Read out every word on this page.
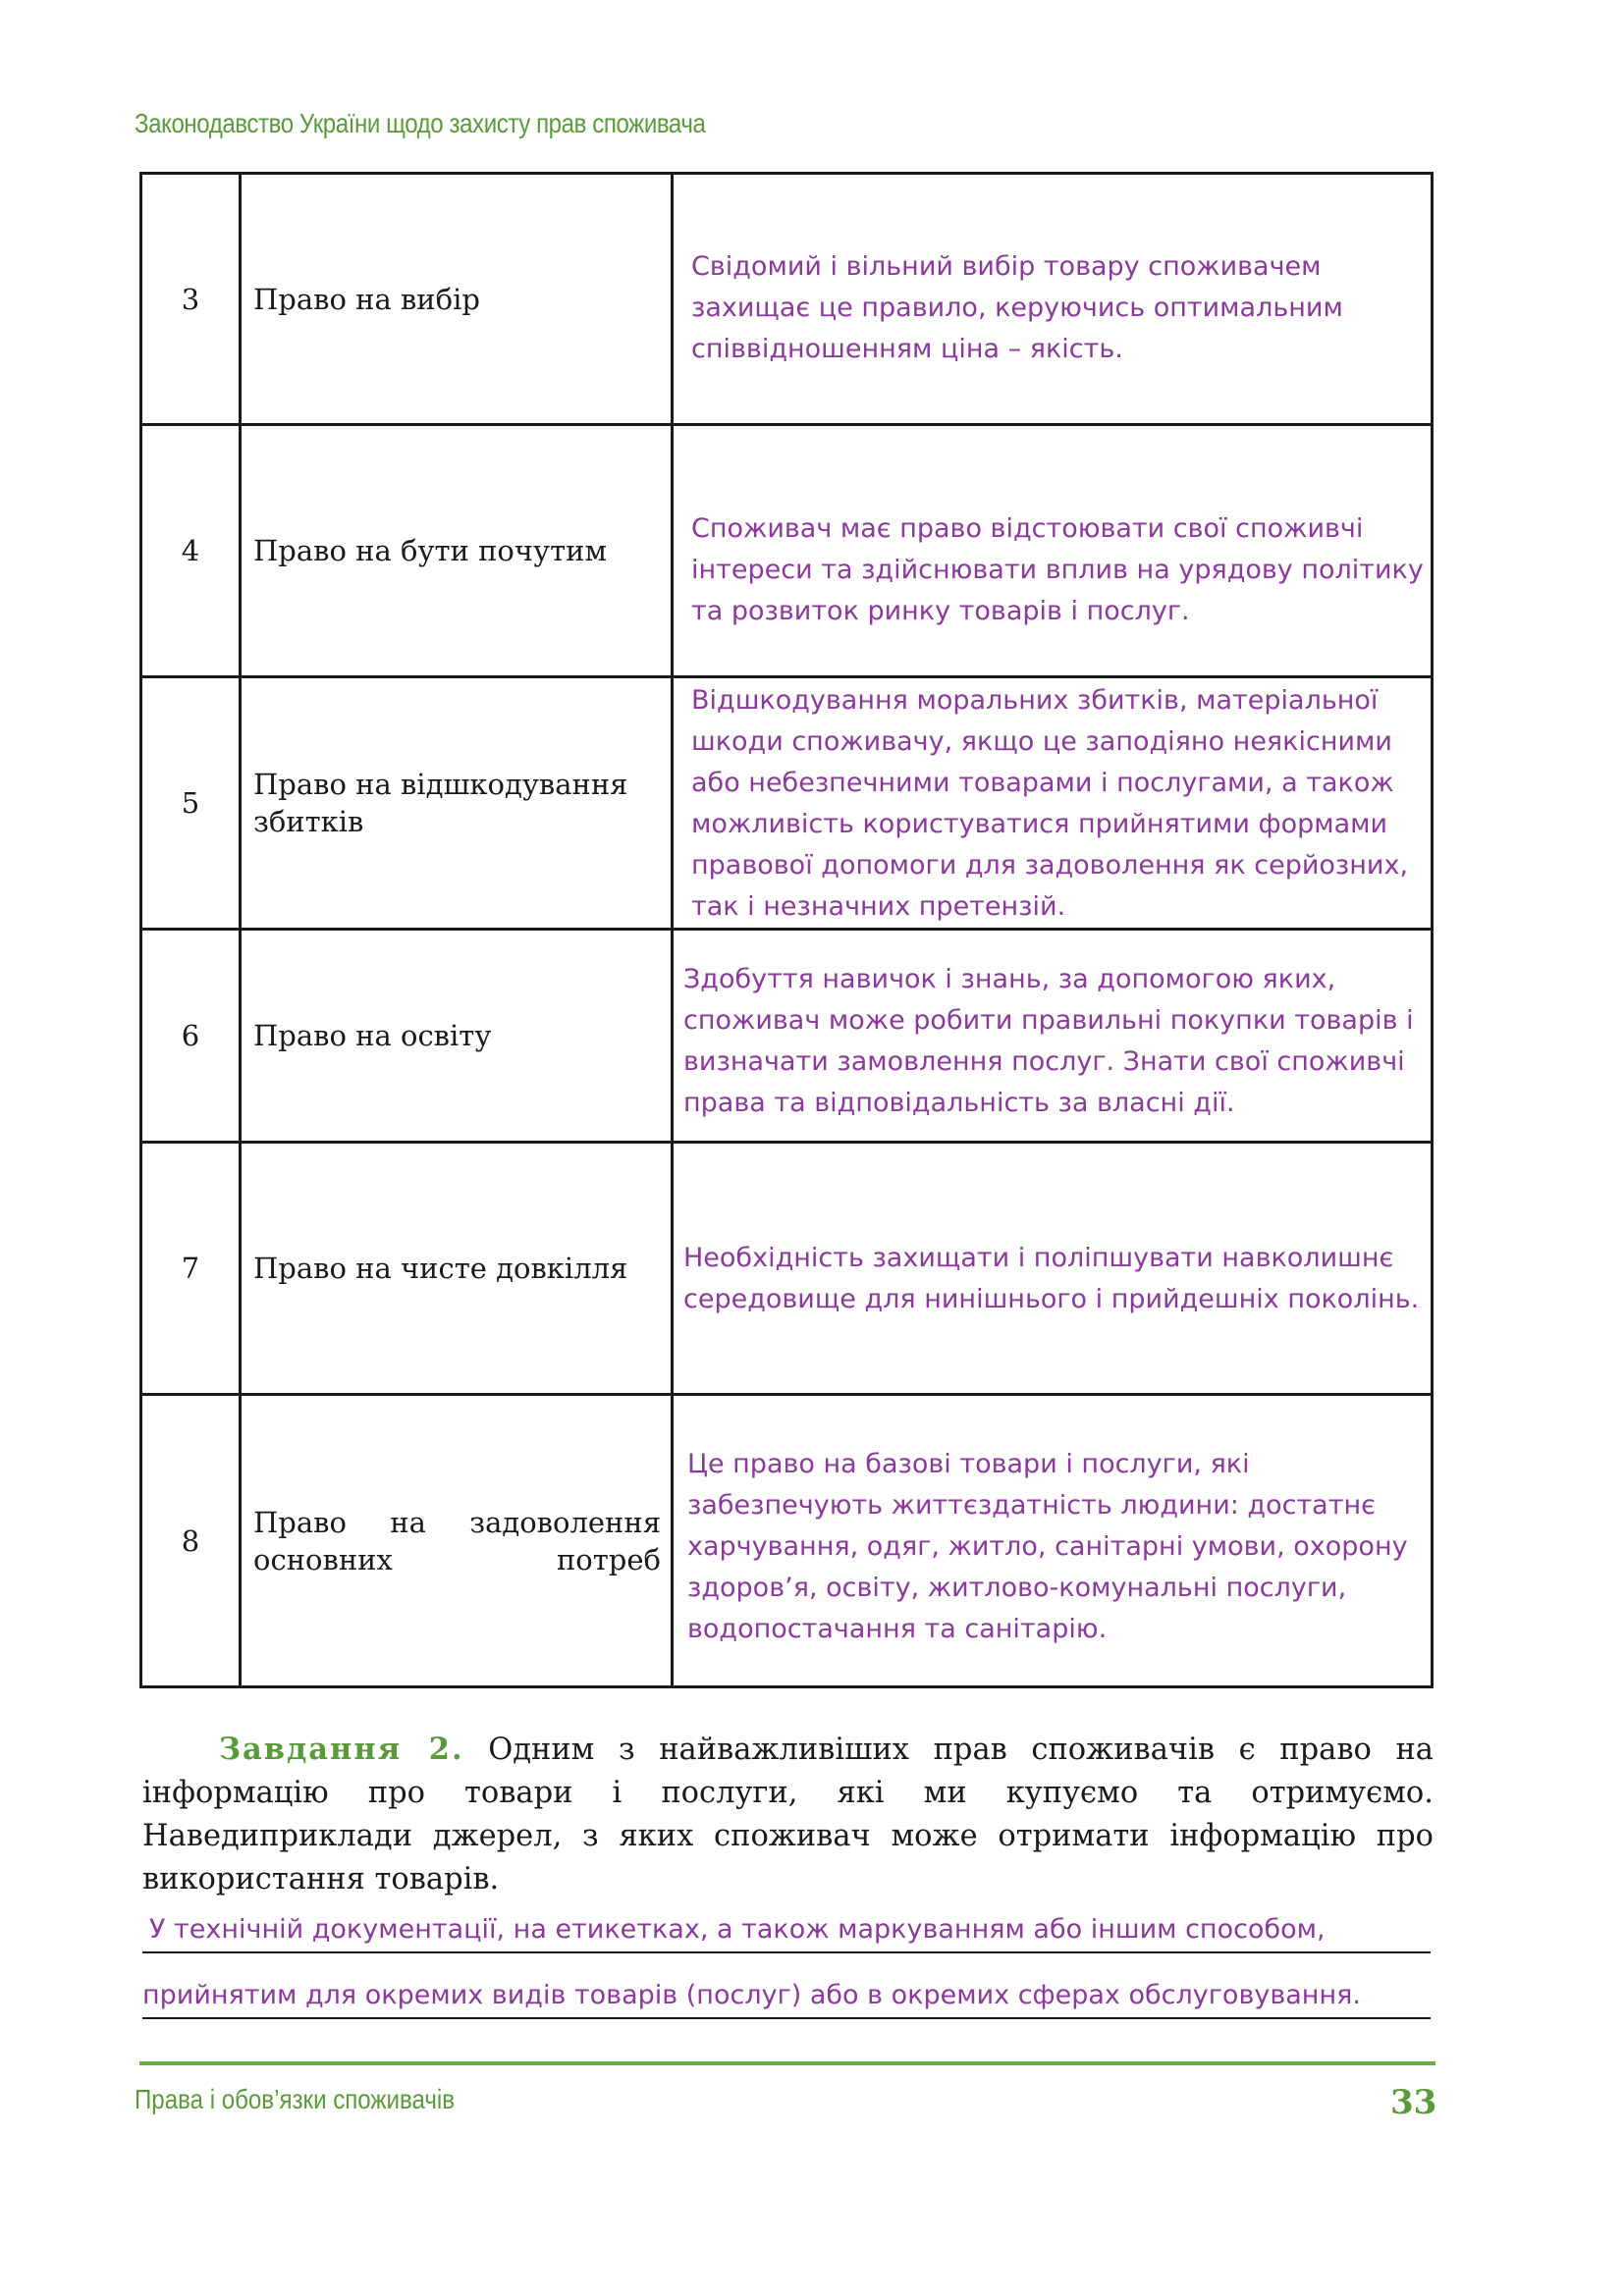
Законодавство України щодо захисту прав споживача
3	Право на вибір	Свідомий і вільний вибір товару споживачем захищає це правило, керуючись оптимальним співвідношенням ціна – якість.

4	Право на бути почутим	Споживач має право відстоювати свої споживчі інтереси та здійснювати вплив на урядову політику та розвиток ринку товарів і послуг.

5	Право на відшкодування збитків	Відшкодування моральних збитків, матеріальної шкоди споживачу, якщо це заподіяно неякісними або небезпечними товарами і послугами, а також можливість користуватися прийнятими формами правової допомоги для задоволення як серйозних, так і незначних претензій.

6	Право на освіту	Здобуття навичок і знань, за допомогою яких, споживач може робити правильні покупки товарів і визначати замовлення послуг. Знати свої споживчі права та відповідальність за власні дії.

7	Право на чисте довкілля	Необхідність захищати і поліпшувати навколишнє середовище для нинішнього і прийдешніх поколінь.

8	Право на задоволення основних потреб	Це право на базові товари і послуги, які забезпечують життєздатність людини: достатнє харчування, одяг, житло, санітарні умови, охорону здоров’я, освіту, житлово-комунальні послуги, водопостачання та санітарію.
Завдання 2. Одним з найважливіших прав споживачів є право на інформацію про товари і послуги, які ми купуємо та отримуємо. Наведиприклади джерел, з яких споживач може отримати інформацію про використання товарів.
У технічній документації, на етикетках, а також маркуванням або іншим способом,
прийнятим для окремих видів товарів (послуг) або в окремих сферах обслуговування.
Права і обов’язки споживачів	33
